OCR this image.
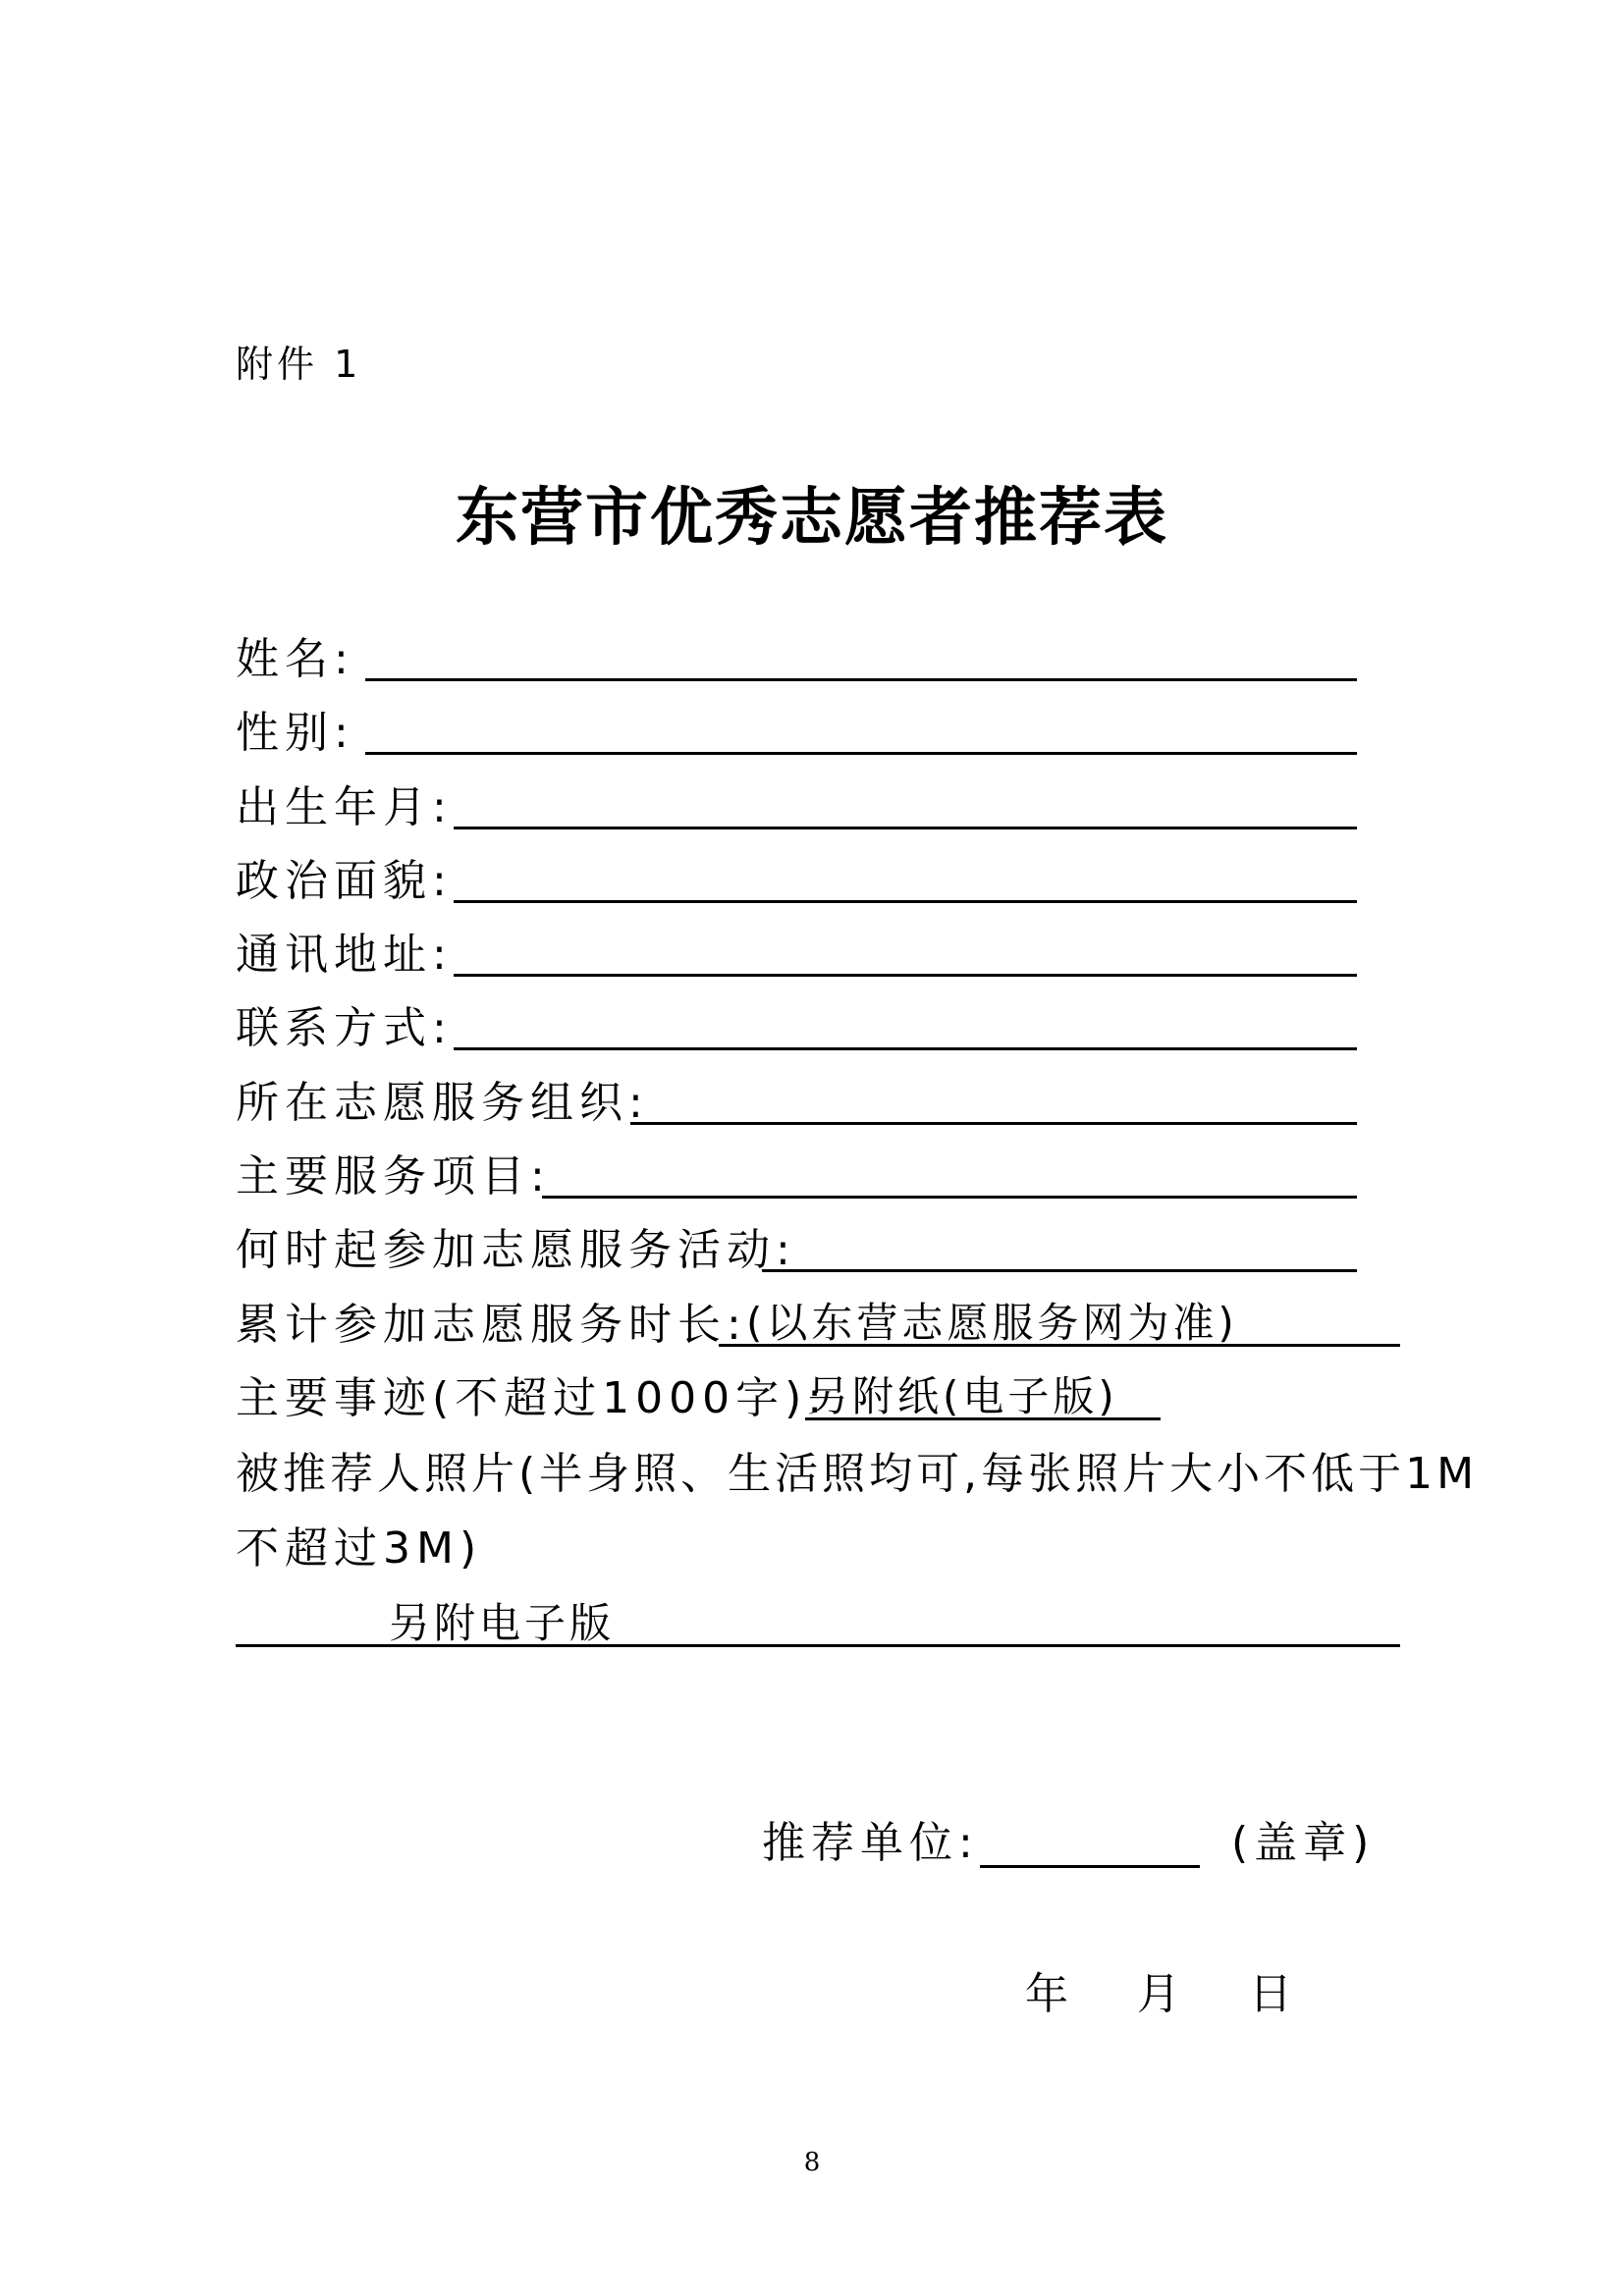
附件 1
东营市优秀志愿者推荐表
姓名:
性别:
出生年月:
政治面貌:
通讯地址:
联系方式:
所在志愿服务组织:
主要服务项目:
何时起参加志愿服务活动:
累计参加志愿服务时长: (以东营志愿服务网为准)
主要事迹(不超过1000字):
另附纸(电子版)
被推荐人照片(半身照、生活照均可,每张照片大小不低于1M
不超过3M)
另附电子版
推荐单位:	(盖章)
年 月 日
8
